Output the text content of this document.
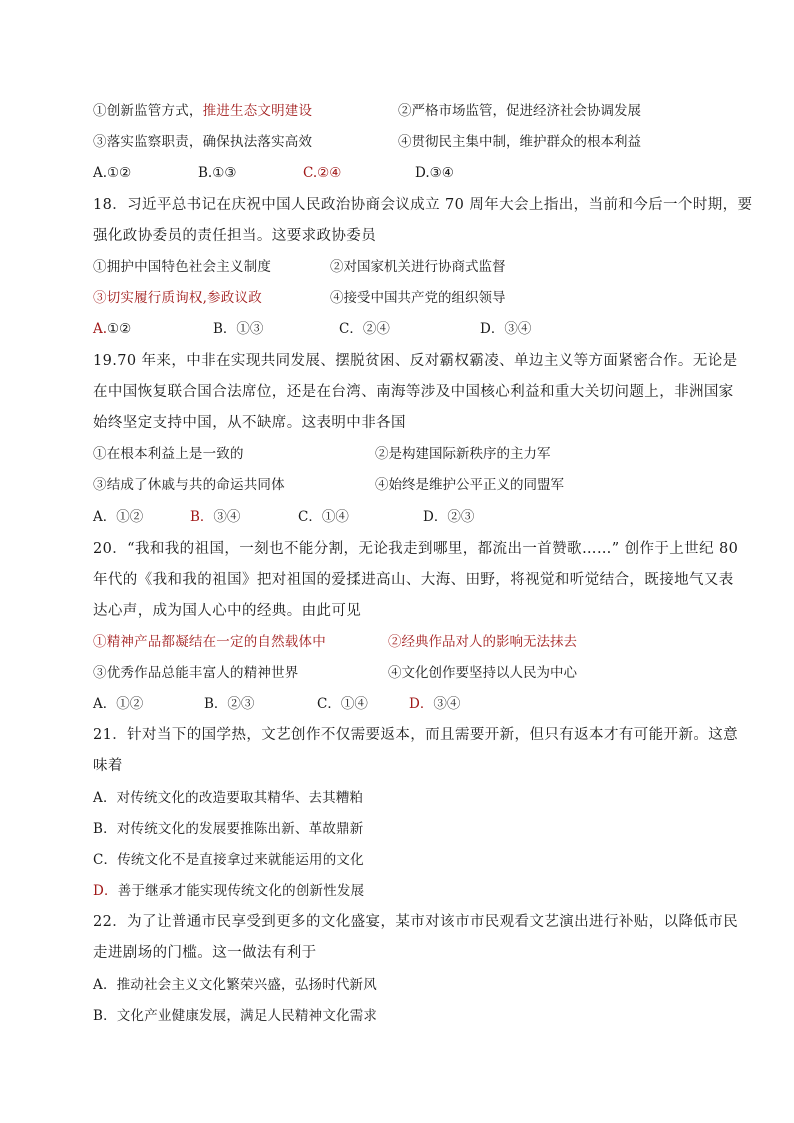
①创新监管方式，推进生态文明建设	②严格市场监管，促进经济社会协调发展
③落实监察职责，确保执法落实高效	④贯彻民主集中制，维护群众的根本利益
A.①②	B.①③	C.②④	D.③④
18．习近平总书记在庆祝中国人民政治协商会议成立 70 周年大会上指出，当前和今后一个时期，要
强化政协委员的责任担当。这要求政协委员
①拥护中国特色社会主义制度	②对国家机关进行协商式监督
③切实履行质询权,参政议政	④接受中国共产党的组织领导
A.①②	B．①③	C．②④	D．③④
19.70 年来，中非在实现共同发展、摆脱贫困、反对霸权霸凌、单边主义等方面紧密合作。无论是
在中国恢复联合国合法席位，还是在台湾、南海等涉及中国核心利益和重大关切问题上，非洲国家
始终坚定支持中国，从不缺席。这表明中非各国
①在根本利益上是一致的	②是构建国际新秩序的主力军
③结成了休戚与共的命运共同体	④始终是维护公平正义的同盟军
A．①②	B．③④	C．①④	D．②③
20．“我和我的祖国，一刻也不能分割，无论我走到哪里，都流出一首赞歌……” 创作于上世纪 80
年代的《我和我的祖国》把对祖国的爱揉进高山、大海、田野，将视觉和听觉结合，既接地气又表
达心声，成为国人心中的经典。由此可见
①精神产品都凝结在一定的自然载体中	②经典作品对人的影响无法抹去
③优秀作品总能丰富人的精神世界	④文化创作要坚持以人民为中心
A．①②	B．②③	C．①④	D．③④
21．针对当下的国学热，文艺创作不仅需要返本，而且需要开新，但只有返本才有可能开新。这意
味着
A．对传统文化的改造要取其精华、去其糟粕
B．对传统文化的发展要推陈出新、革故鼎新
C．传统文化不是直接拿过来就能运用的文化
D．善于继承才能实现传统文化的创新性发展
22．为了让普通市民享受到更多的文化盛宴，某市对该市市民观看文艺演出进行补贴，以降低市民
走进剧场的门槛。这一做法有利于
A．推动社会主义文化繁荣兴盛，弘扬时代新风
B．文化产业健康发展，满足人民精神文化需求
